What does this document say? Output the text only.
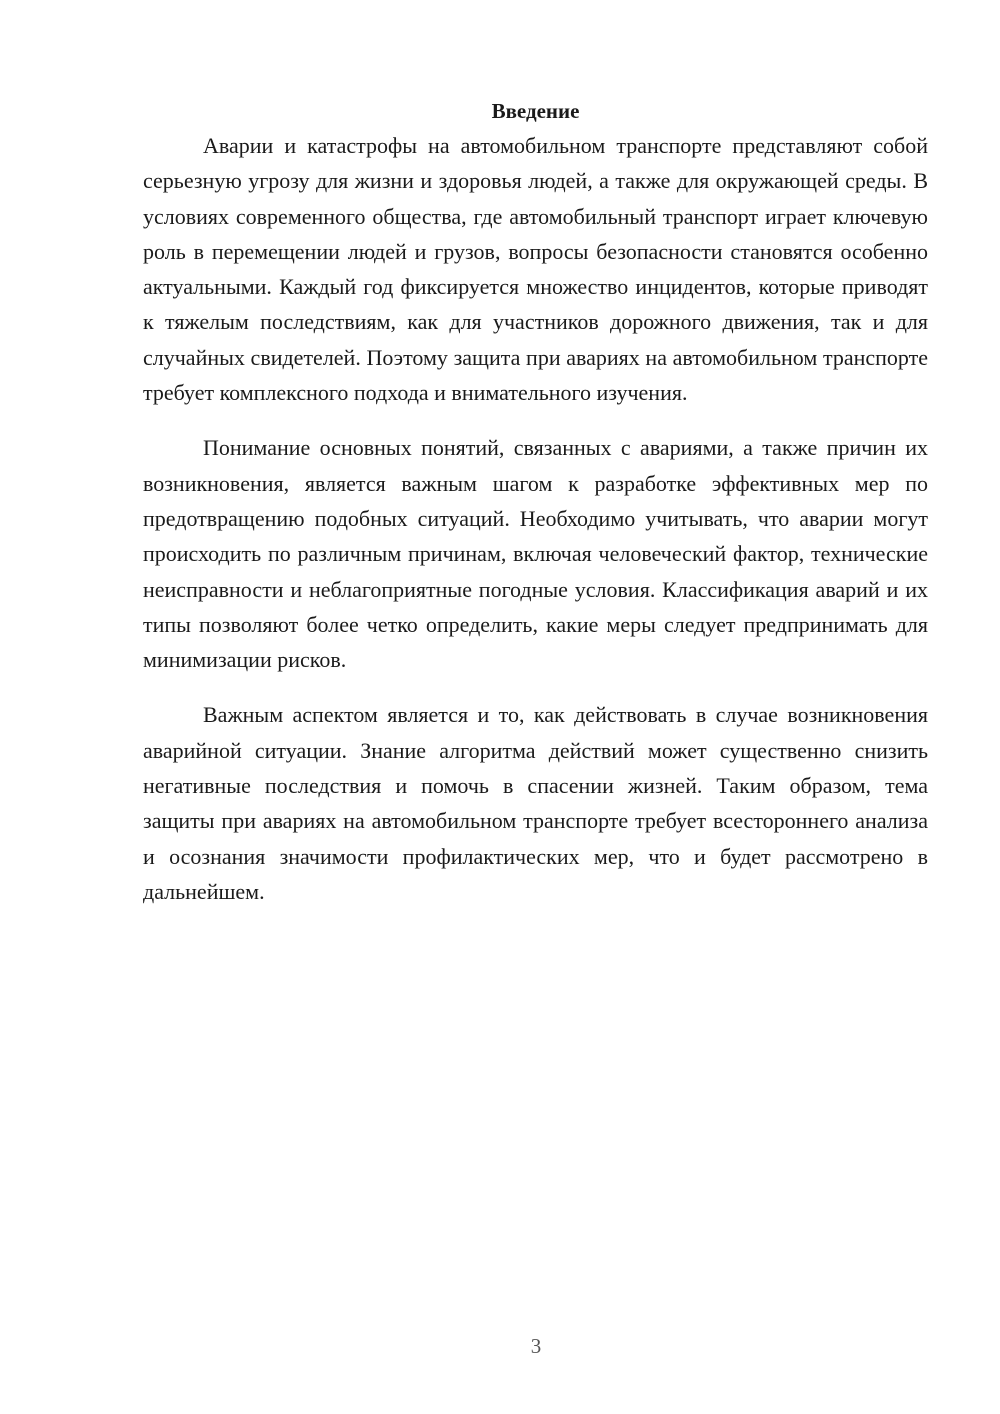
Введение

Аварии и катастрофы на автомобильном транспорте представляют собой серьезную угрозу для жизни и здоровья людей, а также для окружающей среды. В условиях современного общества, где автомобильный транспорт играет ключевую роль в перемещении людей и грузов, вопросы безопасности становятся особенно актуальными. Каждый год фиксируется множество инцидентов, которые приводят к тяжелым последствиям, как для участников дорожного движения, так и для случайных свидетелей. Поэтому защита при авариях на автомобильном транспорте требует комплексного подхода и внимательного изучения.

Понимание основных понятий, связанных с авариями, а также причин их возникновения, является важным шагом к разработке эффективных мер по предотвращению подобных ситуаций. Необходимо учитывать, что аварии могут происходить по различным причинам, включая человеческий фактор, технические неисправности и неблагоприятные погодные условия. Классификация аварий и их типы позволяют более четко определить, какие меры следует предпринимать для минимизации рисков.

Важным аспектом является и то, как действовать в случае возникновения аварийной ситуации. Знание алгоритма действий может существенно снизить негативные последствия и помочь в спасении жизней. Таким образом, тема защиты при авариях на автомобильном транспорте требует всестороннего анализа и осознания значимости профилактических мер, что и будет рассмотрено в дальнейшем.

3
